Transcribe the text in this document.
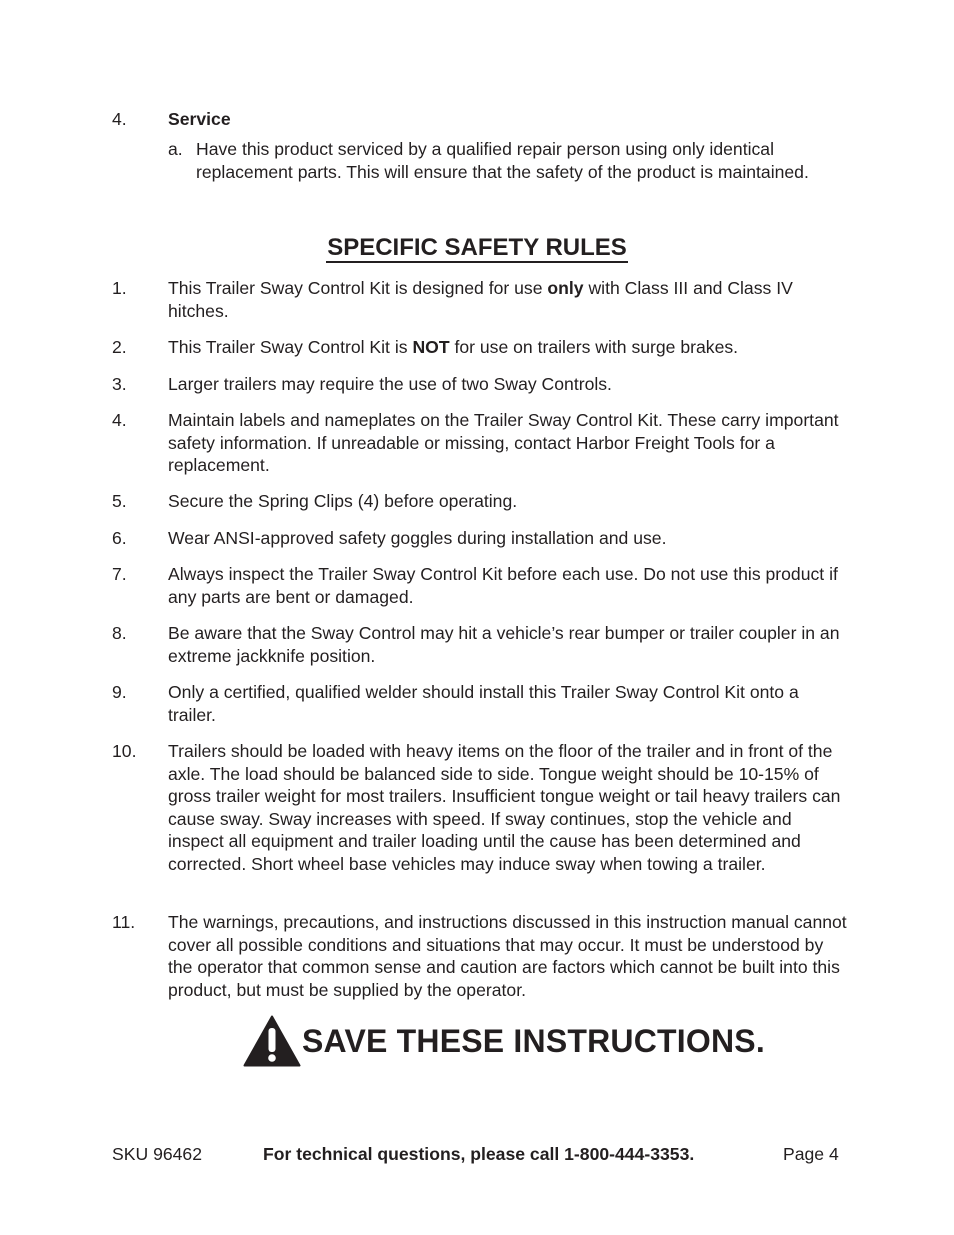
4. Service
a. Have this product serviced by a qualified repair person using only identical replacement parts. This will ensure that the safety of the product is maintained.
SPECIFIC SAFETY RULES
1. This Trailer Sway Control Kit is designed for use only with Class III and Class IV hitches.
2. This Trailer Sway Control Kit is NOT for use on trailers with surge brakes.
3. Larger trailers may require the use of two Sway Controls.
4. Maintain labels and nameplates on the Trailer Sway Control Kit. These carry important safety information. If unreadable or missing, contact Harbor Freight Tools for a replacement.
5. Secure the Spring Clips (4) before operating.
6. Wear ANSI-approved safety goggles during installation and use.
7. Always inspect the Trailer Sway Control Kit before each use. Do not use this product if any parts are bent or damaged.
8. Be aware that the Sway Control may hit a vehicle’s rear bumper or trailer coupler in an extreme jackknife position.
9. Only a certified, qualified welder should install this Trailer Sway Control Kit onto a trailer.
10. Trailers should be loaded with heavy items on the floor of the trailer and in front of the axle. The load should be balanced side to side. Tongue weight should be 10-15% of gross trailer weight for most trailers. Insufficient tongue weight or tail heavy trailers can cause sway. Sway increases with speed. If sway continues, stop the vehicle and inspect all equipment and trailer loading until the cause has been determined and corrected. Short wheel base vehicles may induce sway when towing a trailer.
11. The warnings, precautions, and instructions discussed in this instruction manual cannot cover all possible conditions and situations that may occur. It must be understood by the operator that common sense and caution are factors which cannot be built into this product, but must be supplied by the operator.
SAVE THESE INSTRUCTIONS.
SKU 96462	For technical questions, please call 1-800-444-3353.	Page 4
